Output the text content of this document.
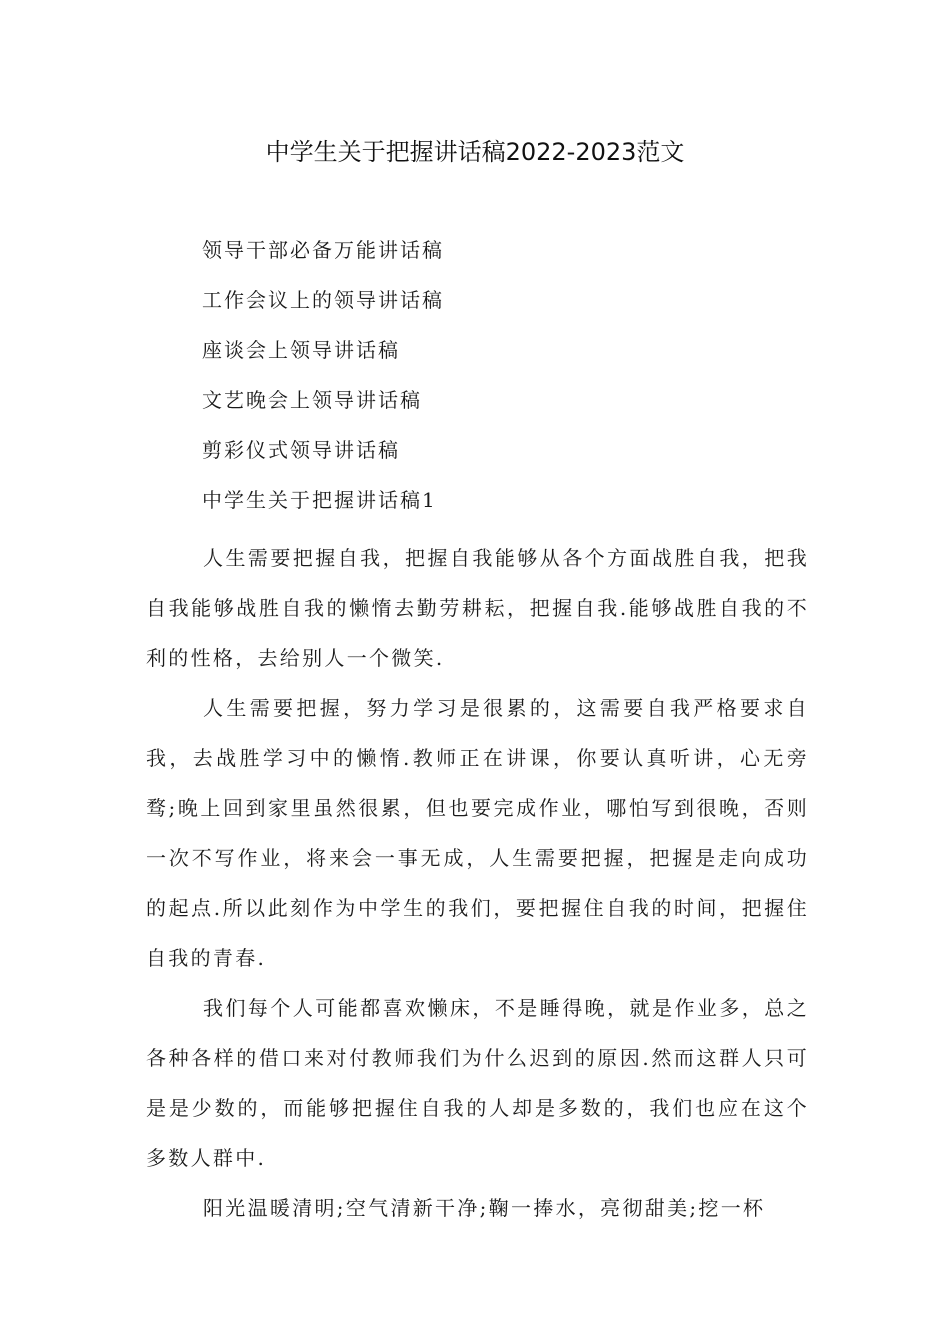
中学生关于把握讲话稿2022-2023范文
领导干部必备万能讲话稿
工作会议上的领导讲话稿
座谈会上领导讲话稿
文艺晚会上领导讲话稿
剪彩仪式领导讲话稿
中学生关于把握讲话稿1

人生需要把握自我，把握自我能够从各个方面战胜自我，把我自我能够战胜自我的懒惰去勤劳耕耘，把握自我.能够战胜自我的不利的性格，去给别人一个微笑.

人生需要把握，努力学习是很累的，这需要自我严格要求自我，去战胜学习中的懒惰.教师正在讲课，你要认真听讲，心无旁骛;晚上回到家里虽然很累，但也要完成作业，哪怕写到很晚，否则一次不写作业，将来会一事无成，人生需要把握，把握是走向成功的起点.所以此刻作为中学生的我们，要把握住自我的时间，把握住自我的青春.

我们每个人可能都喜欢懒床，不是睡得晚，就是作业多，总之各种各样的借口来对付教师我们为什么迟到的原因.然而这群人只可是是少数的，而能够把握住自我的人却是多数的，我们也应在这个多数人群中.

阳光温暖清明;空气清新干净;鞠一捧水，亮彻甜美;挖一杯
